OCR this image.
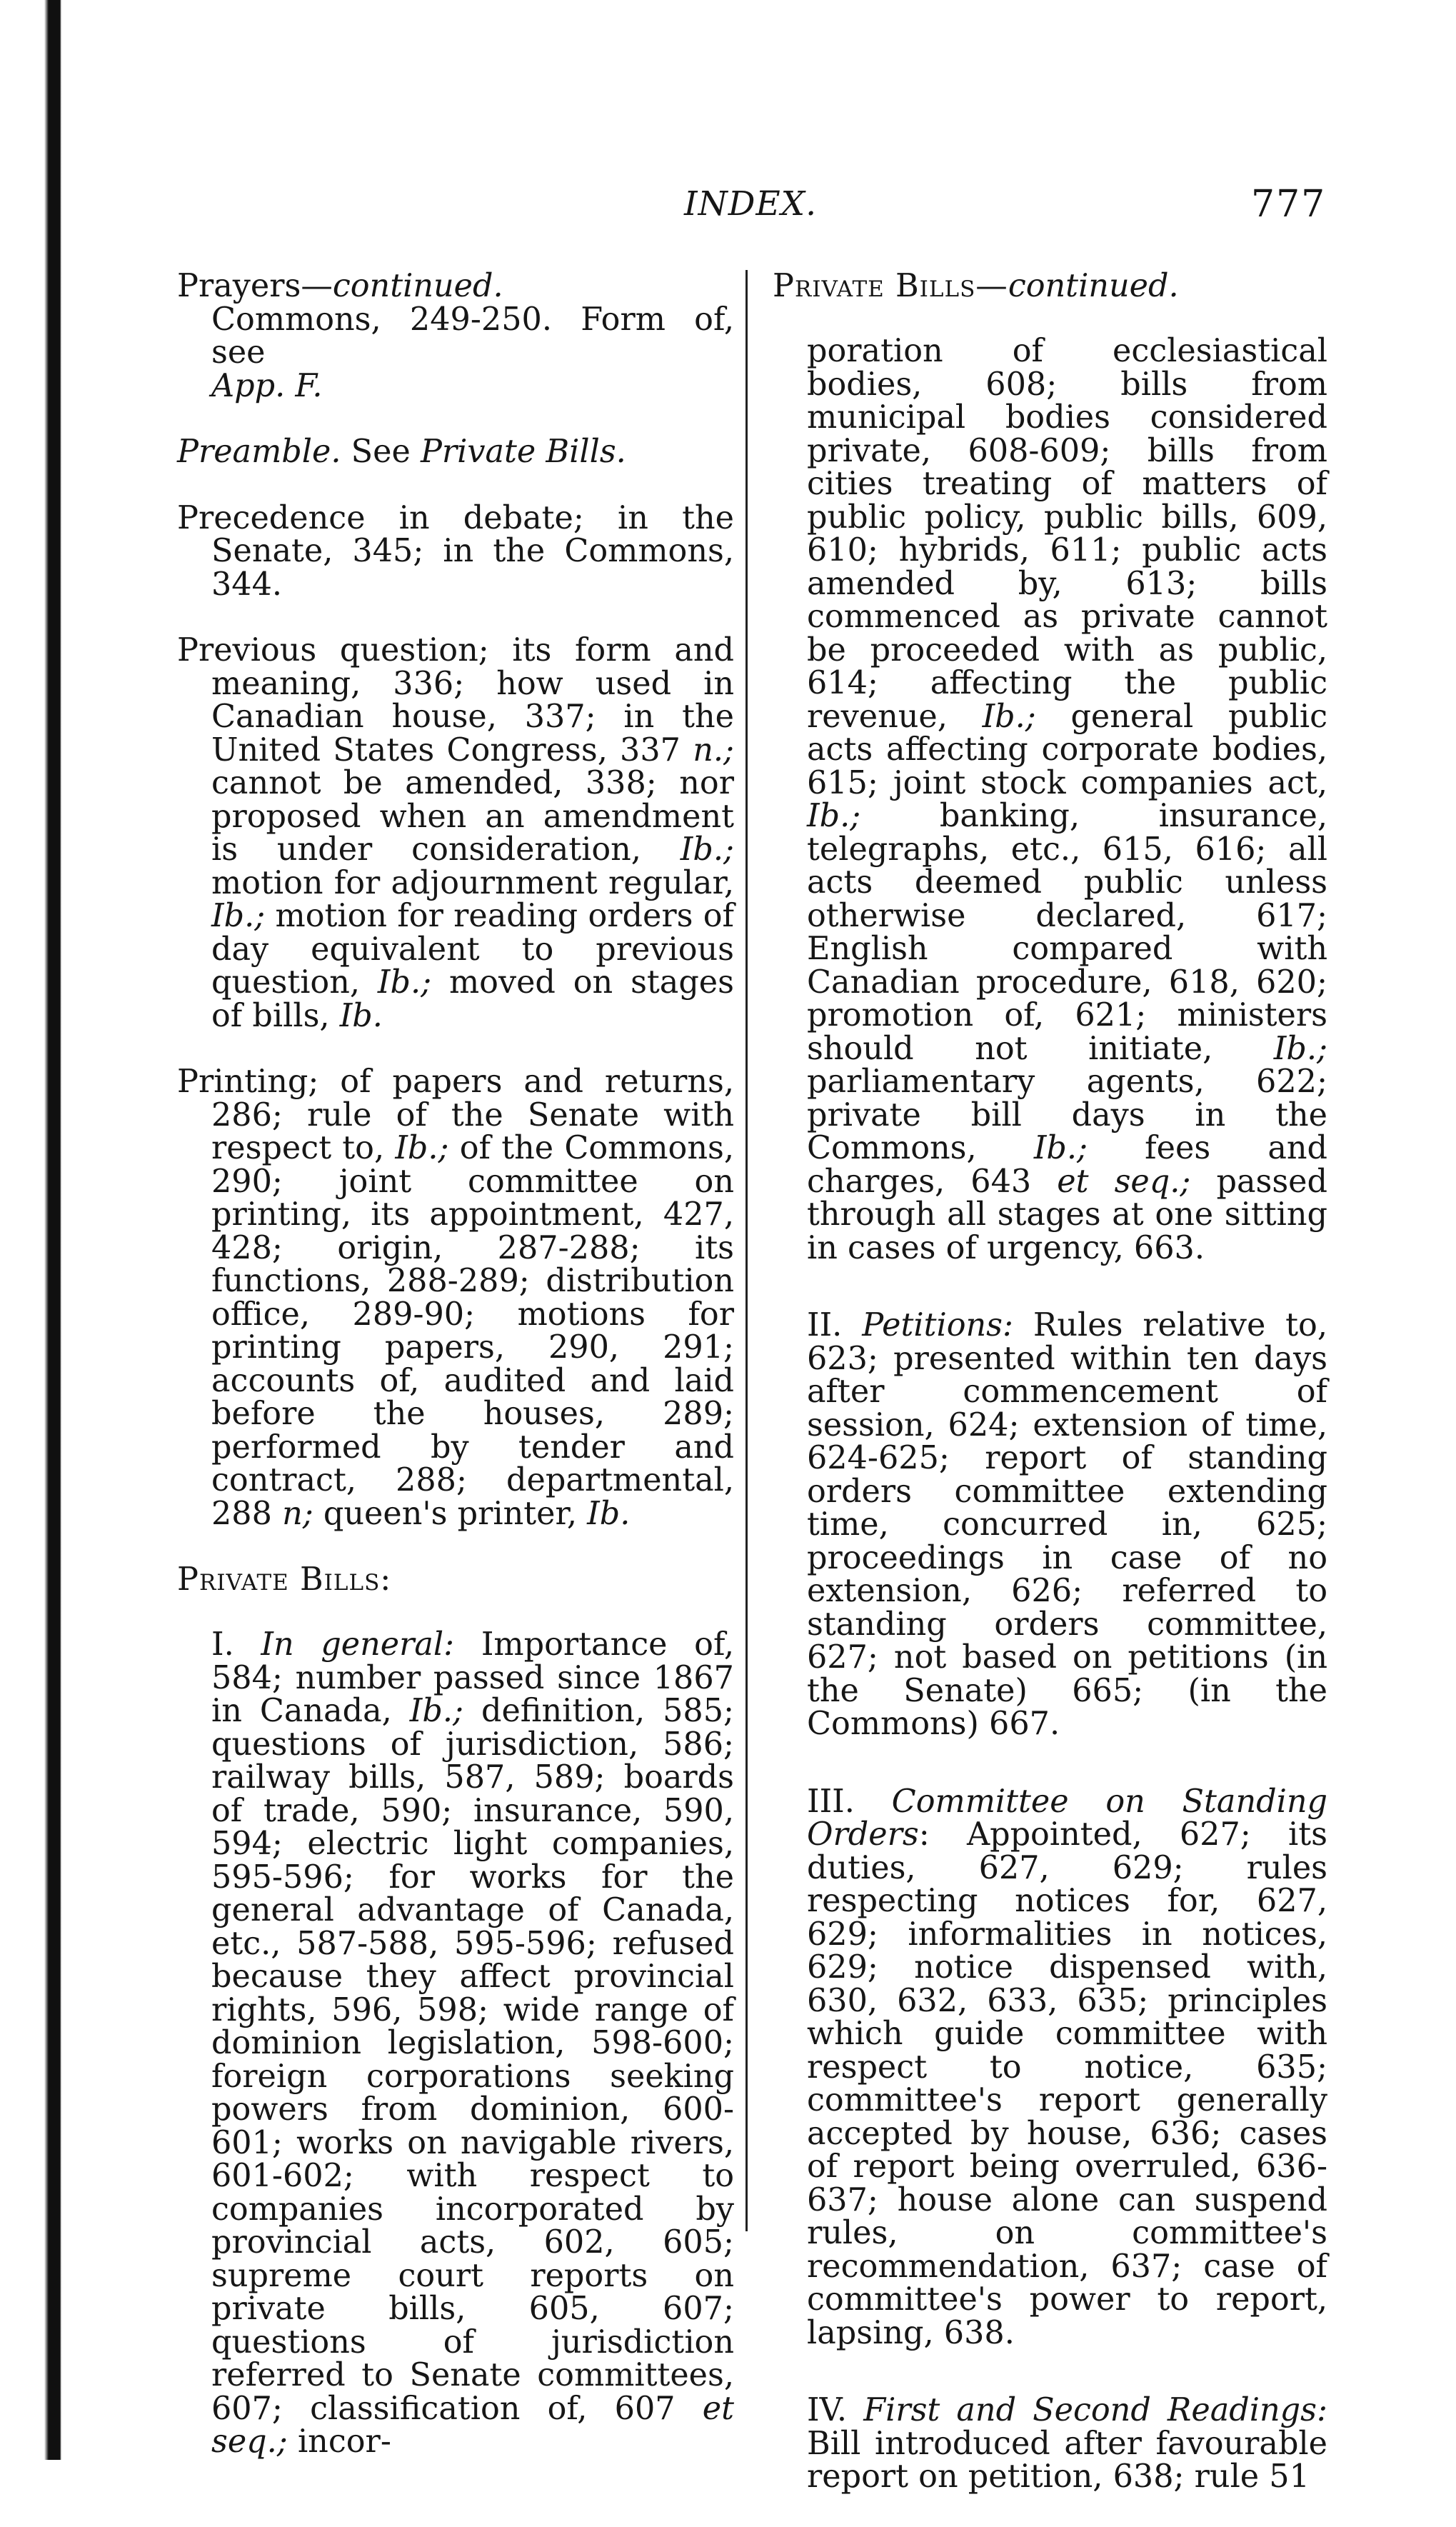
INDEX.	777

Prayers—continued.

Commons, 249-250. Form of, see
App. F.

Preamble. See Private Bills.

Precedence in debate; in the Senate, 345; in the Commons, 344.

Previous question; its form and meaning, 336; how used in Canadian house, 337; in the United States Congress, 337 n.; cannot be amended, 338; nor proposed when an amendment is under consideration, Ib.; motion for adjournment regular, Ib.; motion for reading orders of day equivalent to previous question, Ib.; moved on stages of bills, Ib.

Printing; of papers and returns, 286; rule of the Senate with respect to, Ib.; of the Commons, 290; joint committee on printing, its appointment, 427, 428; origin, 287-288; its functions, 288-289; distribution office, 289-90; motions for printing papers, 290, 291; accounts of, audited and laid before the houses, 289; performed by tender and contract, 288; departmental, 288 n; queen's printer, Ib.

Private Bills:

I. In general: Importance of, 584; number passed since 1867 in Canada, Ib.; definition, 585; questions of jurisdiction, 586; railway bills, 587, 589; boards of trade, 590; insurance, 590, 594; electric light companies, 595-596; for works for the general advantage of Canada, etc., 587-588, 595-596; refused because they affect provincial rights, 596, 598; wide range of dominion legislation, 598-600; foreign corporations seeking powers from dominion, 600-601; works on navigable rivers, 601-602; with respect to companies incorporated by provincial acts, 602, 605; supreme court reports on private bills, 605, 607; questions of jurisdiction referred to Senate committees, 607; classification of, 607 et seq.; incor-

Private Bills—continued.

poration of ecclesiastical bodies, 608; bills from municipal bodies considered private, 608-609; bills from cities treating of matters of public policy, public bills, 609, 610; hybrids, 611; public acts amended by, 613; bills commenced as private cannot be proceeded with as public, 614; affecting the public revenue, Ib.; general public acts affecting corporate bodies, 615; joint stock companies act, Ib.; banking, insurance, telegraphs, etc., 615, 616; all acts deemed public unless otherwise declared, 617; English compared with Canadian procedure, 618, 620; promotion of, 621; ministers should not initiate, Ib.; parliamentary agents, 622; private bill days in the Commons, Ib.; fees and charges, 643 et seq.; passed through all stages at one sitting in cases of urgency, 663.

II. Petitions: Rules relative to, 623; presented within ten days after commencement of session, 624; extension of time, 624-625; report of standing orders committee extending time, concurred in, 625; proceedings in case of no extension, 626; referred to standing orders committee, 627; not based on petitions (in the Senate) 665; (in the Commons) 667.

III. Committee on Standing Orders: Appointed, 627; its duties, 627, 629; rules respecting notices for, 627, 629; informalities in notices, 629; notice dispensed with, 630, 632, 633, 635; principles which guide committee with respect to notice, 635; committee's report generally accepted by house, 636; cases of report being overruled, 636-637; house alone can suspend rules, on committee's recommendation, 637; case of committee's power to report, lapsing, 638.

IV. First and Second Readings: Bill introduced after favourable report on petition, 638; rule 51
